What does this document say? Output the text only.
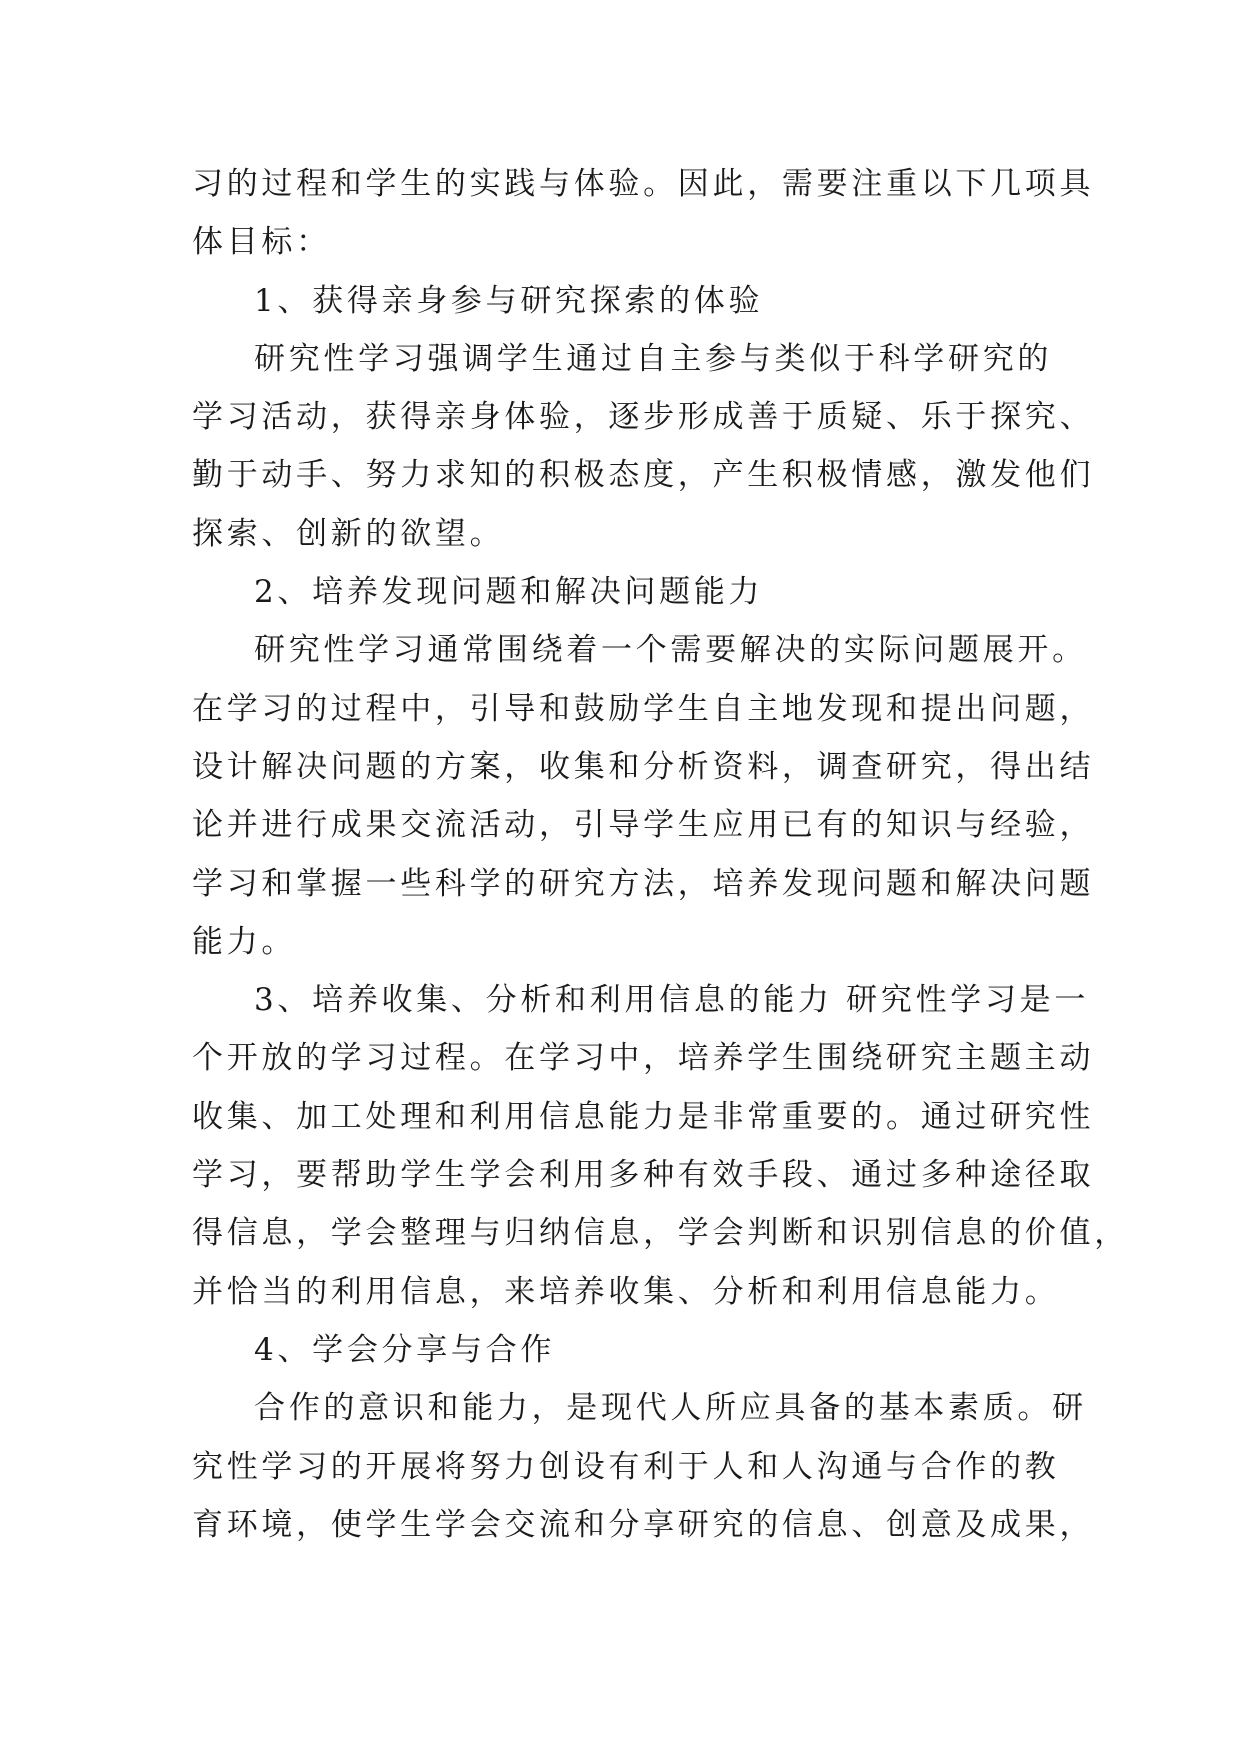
习的过程和学生的实践与体验。因此，需要注重以下几项具
体目标：
1、获得亲身参与研究探索的体验
研究性学习强调学生通过自主参与类似于科学研究的
学习活动，获得亲身体验，逐步形成善于质疑、乐于探究、
勤于动手、努力求知的积极态度，产生积极情感，激发他们
探索、创新的欲望。
2、培养发现问题和解决问题能力
研究性学习通常围绕着一个需要解决的实际问题展开。
在学习的过程中，引导和鼓励学生自主地发现和提出问题，
设计解决问题的方案，收集和分析资料，调查研究，得出结
论并进行成果交流活动，引导学生应用已有的知识与经验，
学习和掌握一些科学的研究方法，培养发现问题和解决问题
能力。
3、培养收集、分析和利用信息的能力 研究性学习是一
个开放的学习过程。在学习中，培养学生围绕研究主题主动
收集、加工处理和利用信息能力是非常重要的。通过研究性
学习，要帮助学生学会利用多种有效手段、通过多种途径取
得信息，学会整理与归纳信息，学会判断和识别信息的价值，
并恰当的利用信息，来培养收集、分析和利用信息能力。
4、学会分享与合作
合作的意识和能力，是现代人所应具备的基本素质。研
究性学习的开展将努力创设有利于人和人沟通与合作的教
育环境，使学生学会交流和分享研究的信息、创意及成果，
